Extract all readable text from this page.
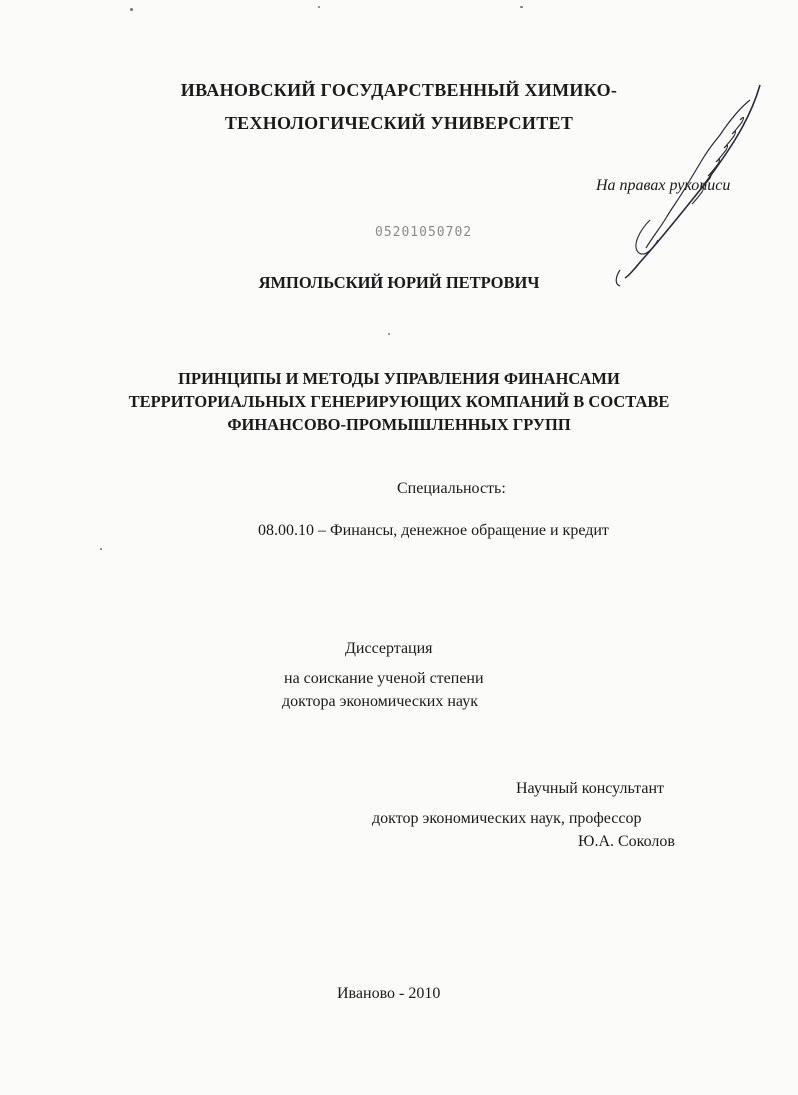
ИВАНОВСКИЙ ГОСУДАРСТВЕННЫЙ ХИМИКО-

ТЕХНОЛОГИЧЕСКИЙ УНИВЕРСИТЕТ

На правах рукописи

05201050702

ЯМПОЛЬСКИЙ ЮРИЙ ПЕТРОВИЧ

ПРИНЦИПЫ И МЕТОДЫ УПРАВЛЕНИЯ ФИНАНСАМИ

ТЕРРИТОРИАЛЬНЫХ ГЕНЕРИРУЮЩИХ КОМПАНИЙ В СОСТАВЕ

ФИНАНСОВО-ПРОМЫШЛЕННЫХ ГРУПП

Специальность:

08.00.10 – Финансы, денежное обращение и кредит

Диссертация

на соискание ученой степени

доктора экономических наук

Научный консультант

доктор экономических наук, профессор

Ю.А. Соколов

Иваново - 2010
